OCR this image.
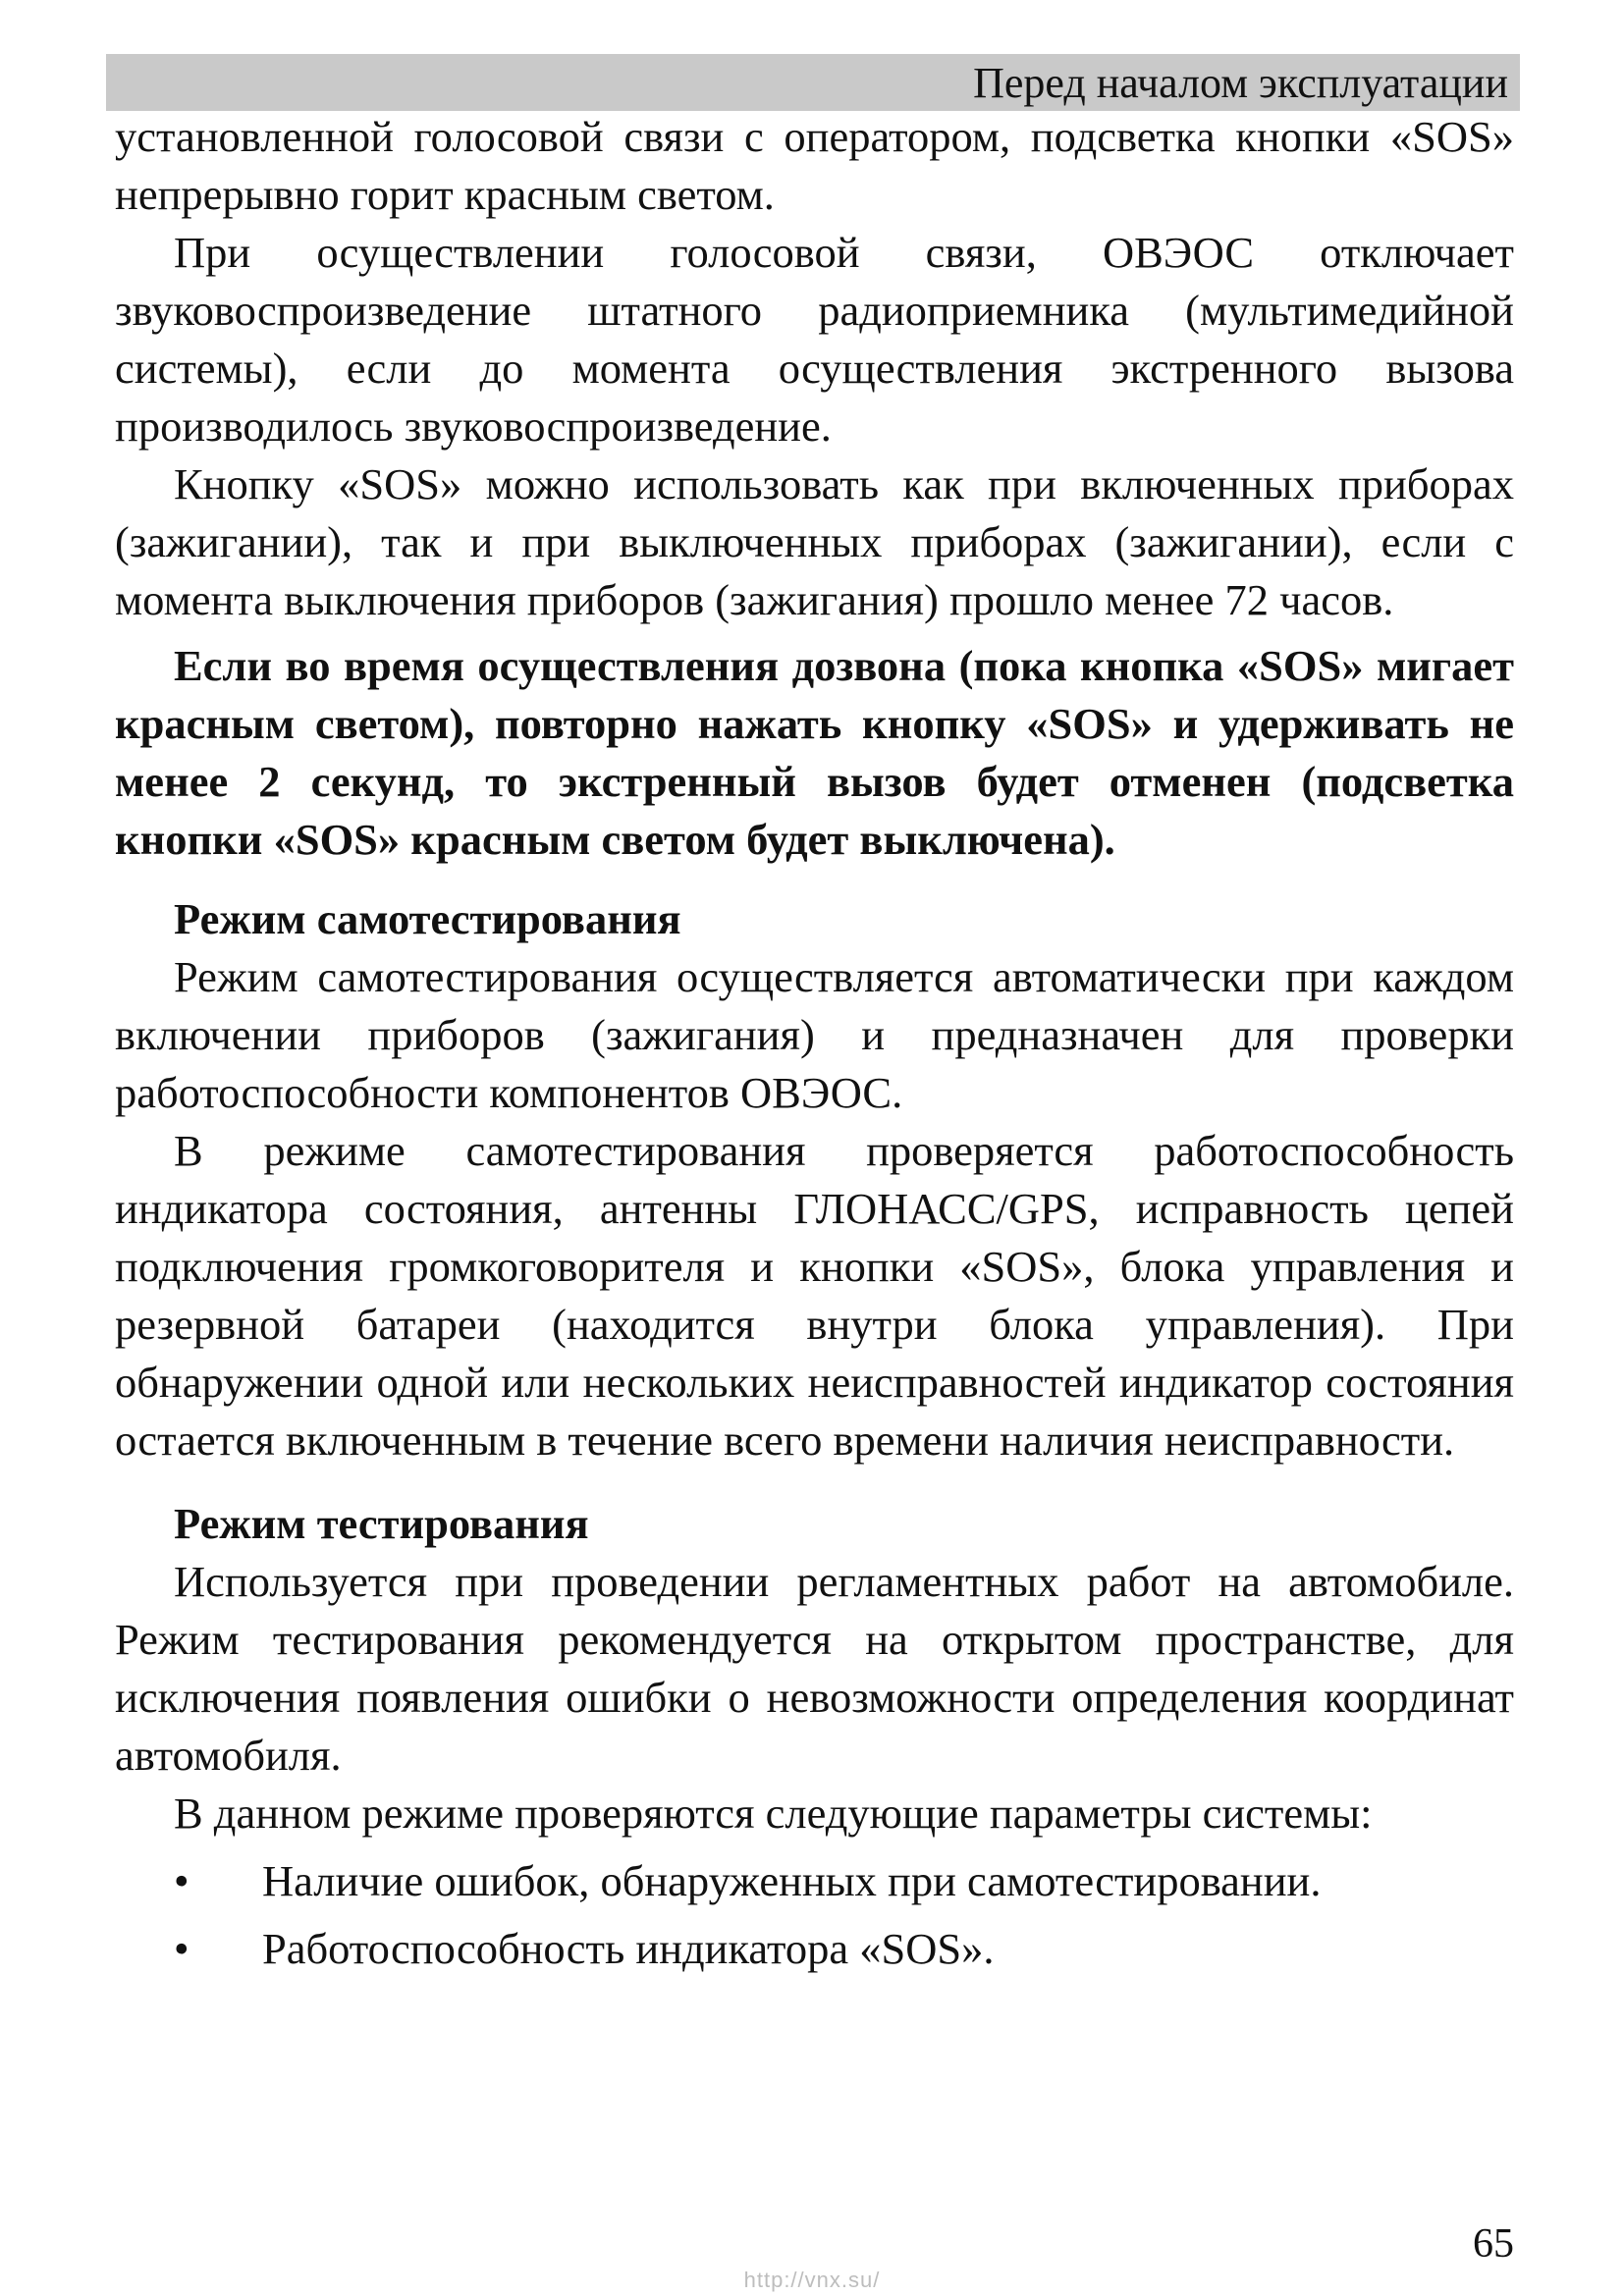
Перед началом эксплуатации

установленной голосовой связи с оператором, подсветка кнопки «SOS» непрерывно горит красным светом.

При осуществлении голосовой связи, ОВЭОС отключает звуковоспроизведение штатного радиоприемника (мультимедийной системы), если до момента осуществления экстренного вызова производилось звуковоспроизведение.

Кнопку «SOS» можно использовать как при включенных приборах (зажигании), так и при выключенных приборах (зажигании), если с момента выключения приборов (зажигания) прошло менее 72 часов.

Если во время осуществления дозвона (пока кнопка «SOS» мигает красным светом), повторно нажать кнопку «SOS» и удерживать не менее 2 секунд, то экстренный вызов будет отменен (подсветка кнопки «SOS» красным светом будет выключена).

Режим самотестирования

Режим самотестирования осуществляется автоматически при каждом включении приборов (зажигания) и предназначен для проверки работоспособности компонентов ОВЭОС.

В режиме самотестирования проверяется работоспособность индикатора состояния, антенны ГЛОНАСС/GPS, исправность цепей подключения громкоговорителя и кнопки «SOS», блока управления и резервной батареи (находится внутри блока управления). При обнаружении одной или нескольких неисправностей индикатор состояния остается включенным в течение всего времени наличия неисправности.

Режим тестирования

Используется при проведении регламентных работ на автомобиле. Режим тестирования рекомендуется на открытом пространстве, для исключения появления ошибки о невозможности определения координат автомобиля.

В данном режиме проверяются следующие параметры системы:

• Наличие ошибок, обнаруженных при самотестировании.
• Работоспособность индикатора «SOS».
65
http://vnx.su/
